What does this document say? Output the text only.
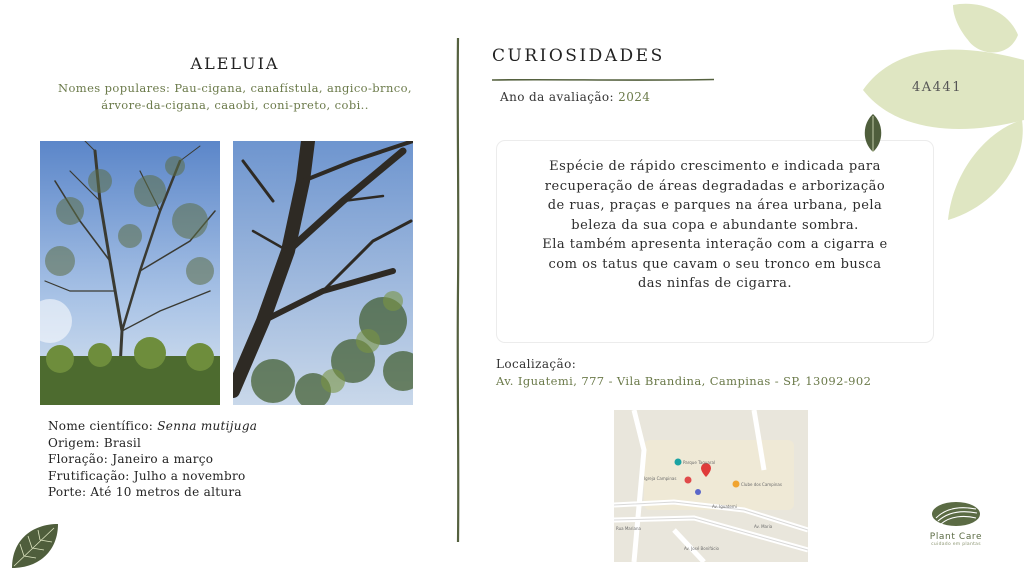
ALELUIA
Nomes populares: Pau-cigana, canafístula, angico-brnco,
árvore-da-cigana, caaobi, coni-preto, cobi..
Nome científico: Senna mutijuga
Origem: Brasil
Floração: Janeiro a março
Frutificação: Julho a novembro
Porte: Até 10 metros de altura
CURIOSIDADES
Ano da avaliação: 2024

Espécie de rápido crescimento e indicada para

recuperação de áreas degradadas e arborização

de ruas, praças e parques na área urbana, pela

beleza da sua copa e abundante sombra.

Ela também apresenta interação com a cigarra e

com os tatus que cavam o seu tronco em busca

das ninfas de cigarra.

Localização:
Av. Iguatemi, 777 - Vila Brandina, Campinas - SP, 13092-902
Parque Taquaral
Clube dos Campinas
Igreja Campinas
Av. Iguatemi
Av. Maria
Rua Mariana
Av. José Bonifácio
4A441
Plant Care
cuidado em plantas
